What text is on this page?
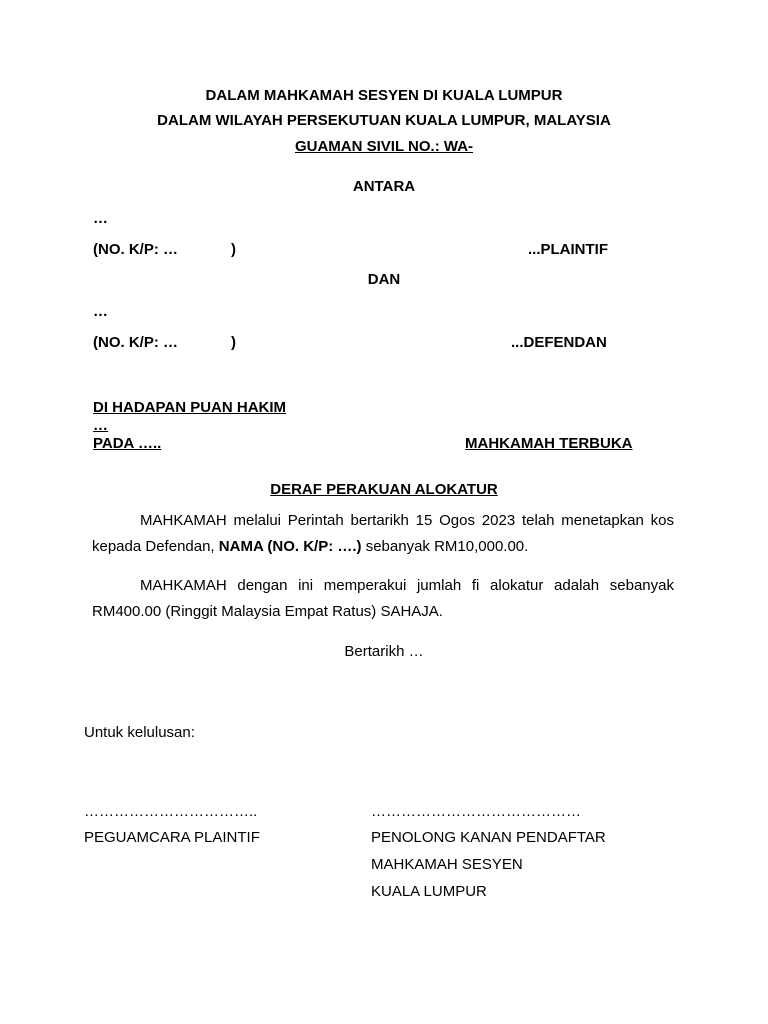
DALAM MAHKAMAH SESYEN DI KUALA LUMPUR
DALAM WILAYAH PERSEKUTUAN KUALA LUMPUR, MALAYSIA
GUAMAN SIVIL NO.: WA-
ANTARA
…
(NO. K/P: …	)	...PLAINTIF
DAN
…
(NO. K/P: …	)	...DEFENDAN
DI HADAPAN PUAN HAKIM
…
PADA …..	MAHKAMAH TERBUKA
DERAF PERAKUAN ALOKATUR
MAHKAMAH melalui Perintah bertarikh 15 Ogos 2023 telah menetapkan kos kepada Defendan, NAMA (NO. K/P: ….) sebanyak RM10,000.00.
MAHKAMAH dengan ini memperakui jumlah fi alokatur adalah sebanyak RM400.00 (Ringgit Malaysia Empat Ratus) SAHAJA.
Bertarikh …
Untuk kelulusan:
……………………………..
PEGUAMCARA PLAINTIF
……………………………………
PENOLONG KANAN PENDAFTAR
MAHKAMAH SESYEN
KUALA LUMPUR
